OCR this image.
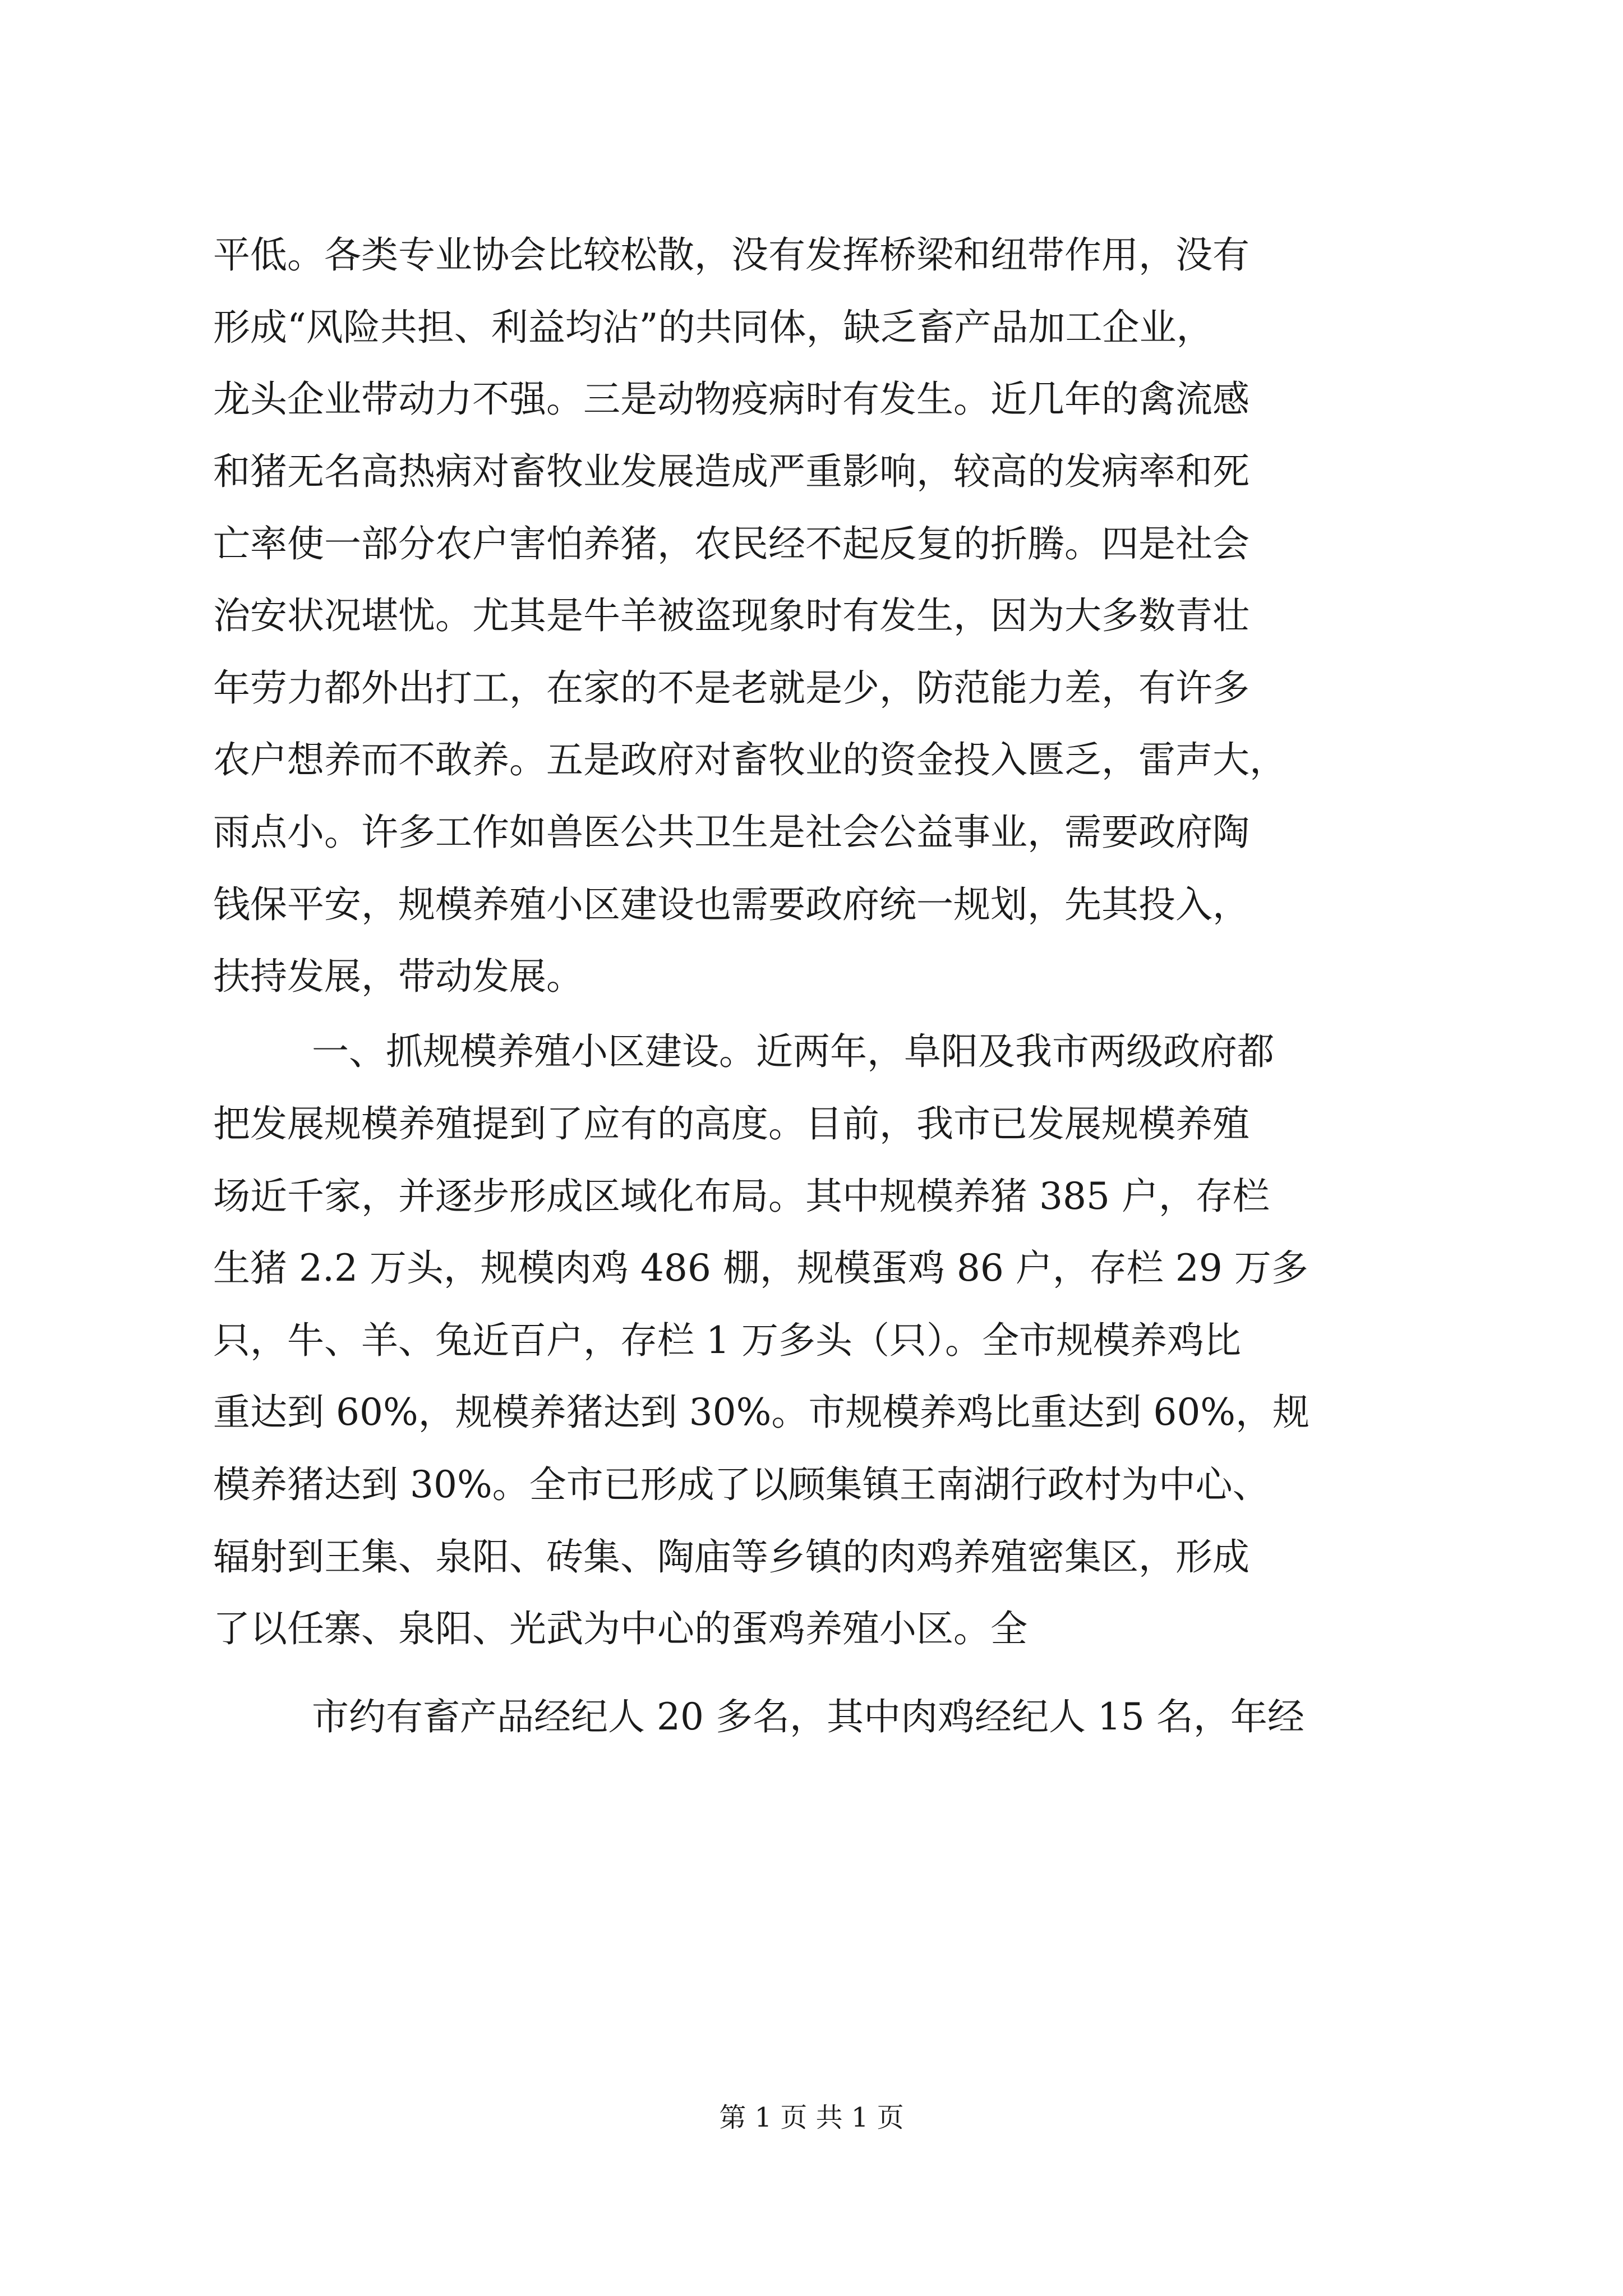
平低。各类专业协会比较松散，没有发挥桥梁和纽带作用，没有

形成“风险共担、利益均沾”的共同体，缺乏畜产品加工企业，

龙头企业带动力不强。三是动物疫病时有发生。近几年的禽流感

和猪无名高热病对畜牧业发展造成严重影响，较高的发病率和死

亡率使一部分农户害怕养猪，农民经不起反复的折腾。四是社会

治安状况堪忧。尤其是牛羊被盗现象时有发生，因为大多数青壮

年劳力都外出打工，在家的不是老就是少，防范能力差，有许多

农户想养而不敢养。五是政府对畜牧业的资金投入匮乏，雷声大，

雨点小。许多工作如兽医公共卫生是社会公益事业，需要政府陶

钱保平安，规模养殖小区建设也需要政府统一规划，先其投入，

扶持发展，带动发展。

一、抓规模养殖小区建设。近两年，阜阳及我市两级政府都

把发展规模养殖提到了应有的高度。目前，我市已发展规模养殖

场近千家，并逐步形成区域化布局。其中规模养猪 385 户，存栏

生猪 2.2 万头，规模肉鸡 486 棚，规模蛋鸡 86 户，存栏 29 万多

只，牛、羊、兔近百户，存栏 1 万多头（只）。全市规模养鸡比

重达到 60%，规模养猪达到 30%。市规模养鸡比重达到 60%，规

模养猪达到 30%。全市已形成了以顾集镇王南湖行政村为中心、

辐射到王集、泉阳、砖集、陶庙等乡镇的肉鸡养殖密集区，形成

了以任寨、泉阳、光武为中心的蛋鸡养殖小区。全

市约有畜产品经纪人 20 多名，其中肉鸡经纪人 15 名，年经

第 1 页 共 1 页
